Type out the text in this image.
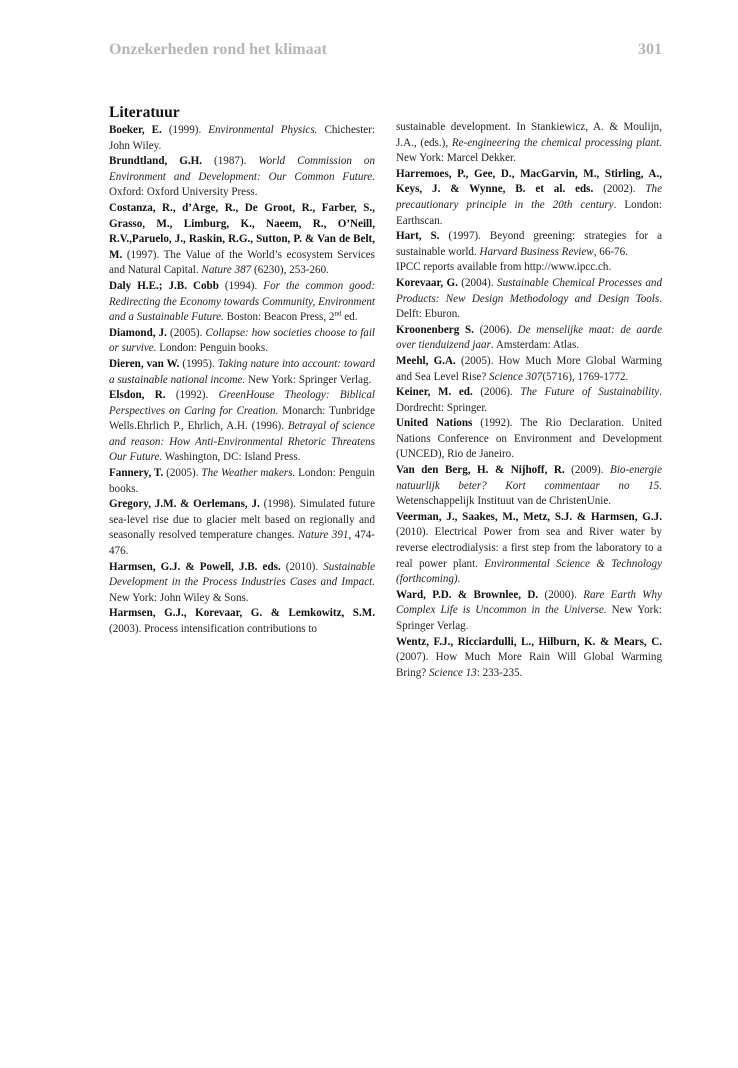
Onzekerheden rond het klimaat	301
Literatuur

Boeker, E. (1999). Environmental Physics. Chichester: John Wiley.

Brundtland, G.H. (1987). World Commission on Environment and Development: Our Common Future. Oxford: Oxford University Press.

Costanza, R., d’Arge, R., De Groot, R., Farber, S., Grasso, M., Limburg, K., Naeem, R., O’Neill, R.V.,Paruelo, J., Raskin, R.G., Sutton, P. & Van de Belt, M. (1997). The Value of the World’s ecosystem Services and Natural Capital. Nature 387 (6230), 253-260.

Daly H.E.; J.B. Cobb (1994). For the common good: Redirecting the Economy towards Community, Environment and a Sustainable Future. Boston: Beacon Press, 2nd ed.

Diamond, J. (2005). Collapse: how societies choose to fail or survive. London: Penguin books.

Dieren, van W. (1995). Taking nature into account: toward a sustainable national income. New York: Springer Verlag.

Elsdon, R. (1992). GreenHouse Theology: Biblical Perspectives on Caring for Creation. Monarch: Tunbridge Wells.Ehrlich P., Ehrlich, A.H. (1996). Betrayal of science and reason: How Anti-Environmental Rhetoric Threatens Our Future. Washington, DC: Island Press.

Fannery, T. (2005). The Weather makers. London: Penguin books.

Gregory, J.M. & Oerlemans, J. (1998). Simulated future sea-level rise due to glacier melt based on regionally and seasonally resolved temperature changes. Nature 391, 474-476.

Harmsen, G.J. & Powell, J.B. eds. (2010). Sustainable Development in the Process Industries Cases and Impact. New York: John Wiley & Sons.

Harmsen, G.J., Korevaar, G. & Lemkowitz, S.M. (2003). Process intensification contributions to

sustainable development. In Stankiewicz, A. & Moulijn, J.A., (eds.), Re-engineering the chemical processing plant. New York: Marcel Dekker.

Harremoes, P., Gee, D., MacGarvin, M., Stirling, A., Keys, J. & Wynne, B. et al. eds. (2002). The precautionary principle in the 20th century. London: Earthscan.

Hart, S. (1997). Beyond greening: strategies for a sustainable world. Harvard Business Review, 66-76.

IPCC reports available from http://www.ipcc.ch.

Korevaar, G. (2004). Sustainable Chemical Processes and Products: New Design Methodology and Design Tools. Delft: Eburon.

Kroonenberg S. (2006). De menselijke maat: de aarde over tienduizend jaar. Amsterdam: Atlas.

Meehl, G.A. (2005). How Much More Global Warming and Sea Level Rise? Science 307(5716), 1769-1772.

Keiner, M. ed. (2006). The Future of Sustainability. Dordrecht: Springer.

United Nations (1992). The Rio Declaration. United Nations Conference on Environment and Development (UNCED), Rio de Janeiro.

Van den Berg, H. & Nijhoff, R. (2009). Bio-energie natuurlijk beter? Kort commentaar no 15. Wetenschappelijk Instituut van de ChristenUnie.

Veerman, J., Saakes, M., Metz, S.J. & Harmsen, G.J. (2010). Electrical Power from sea and River water by reverse electrodialysis: a first step from the laboratory to a real power plant. Environmental Science & Technology (forthcoming).

Ward, P.D. & Brownlee, D. (2000). Rare Earth Why Complex Life is Uncommon in the Universe. New York: Springer Verlag.

Wentz, F.J., Ricciardulli, L., Hilburn, K. & Mears, C. (2007). How Much More Rain Will Global Warming Bring? Science 13: 233-235.
